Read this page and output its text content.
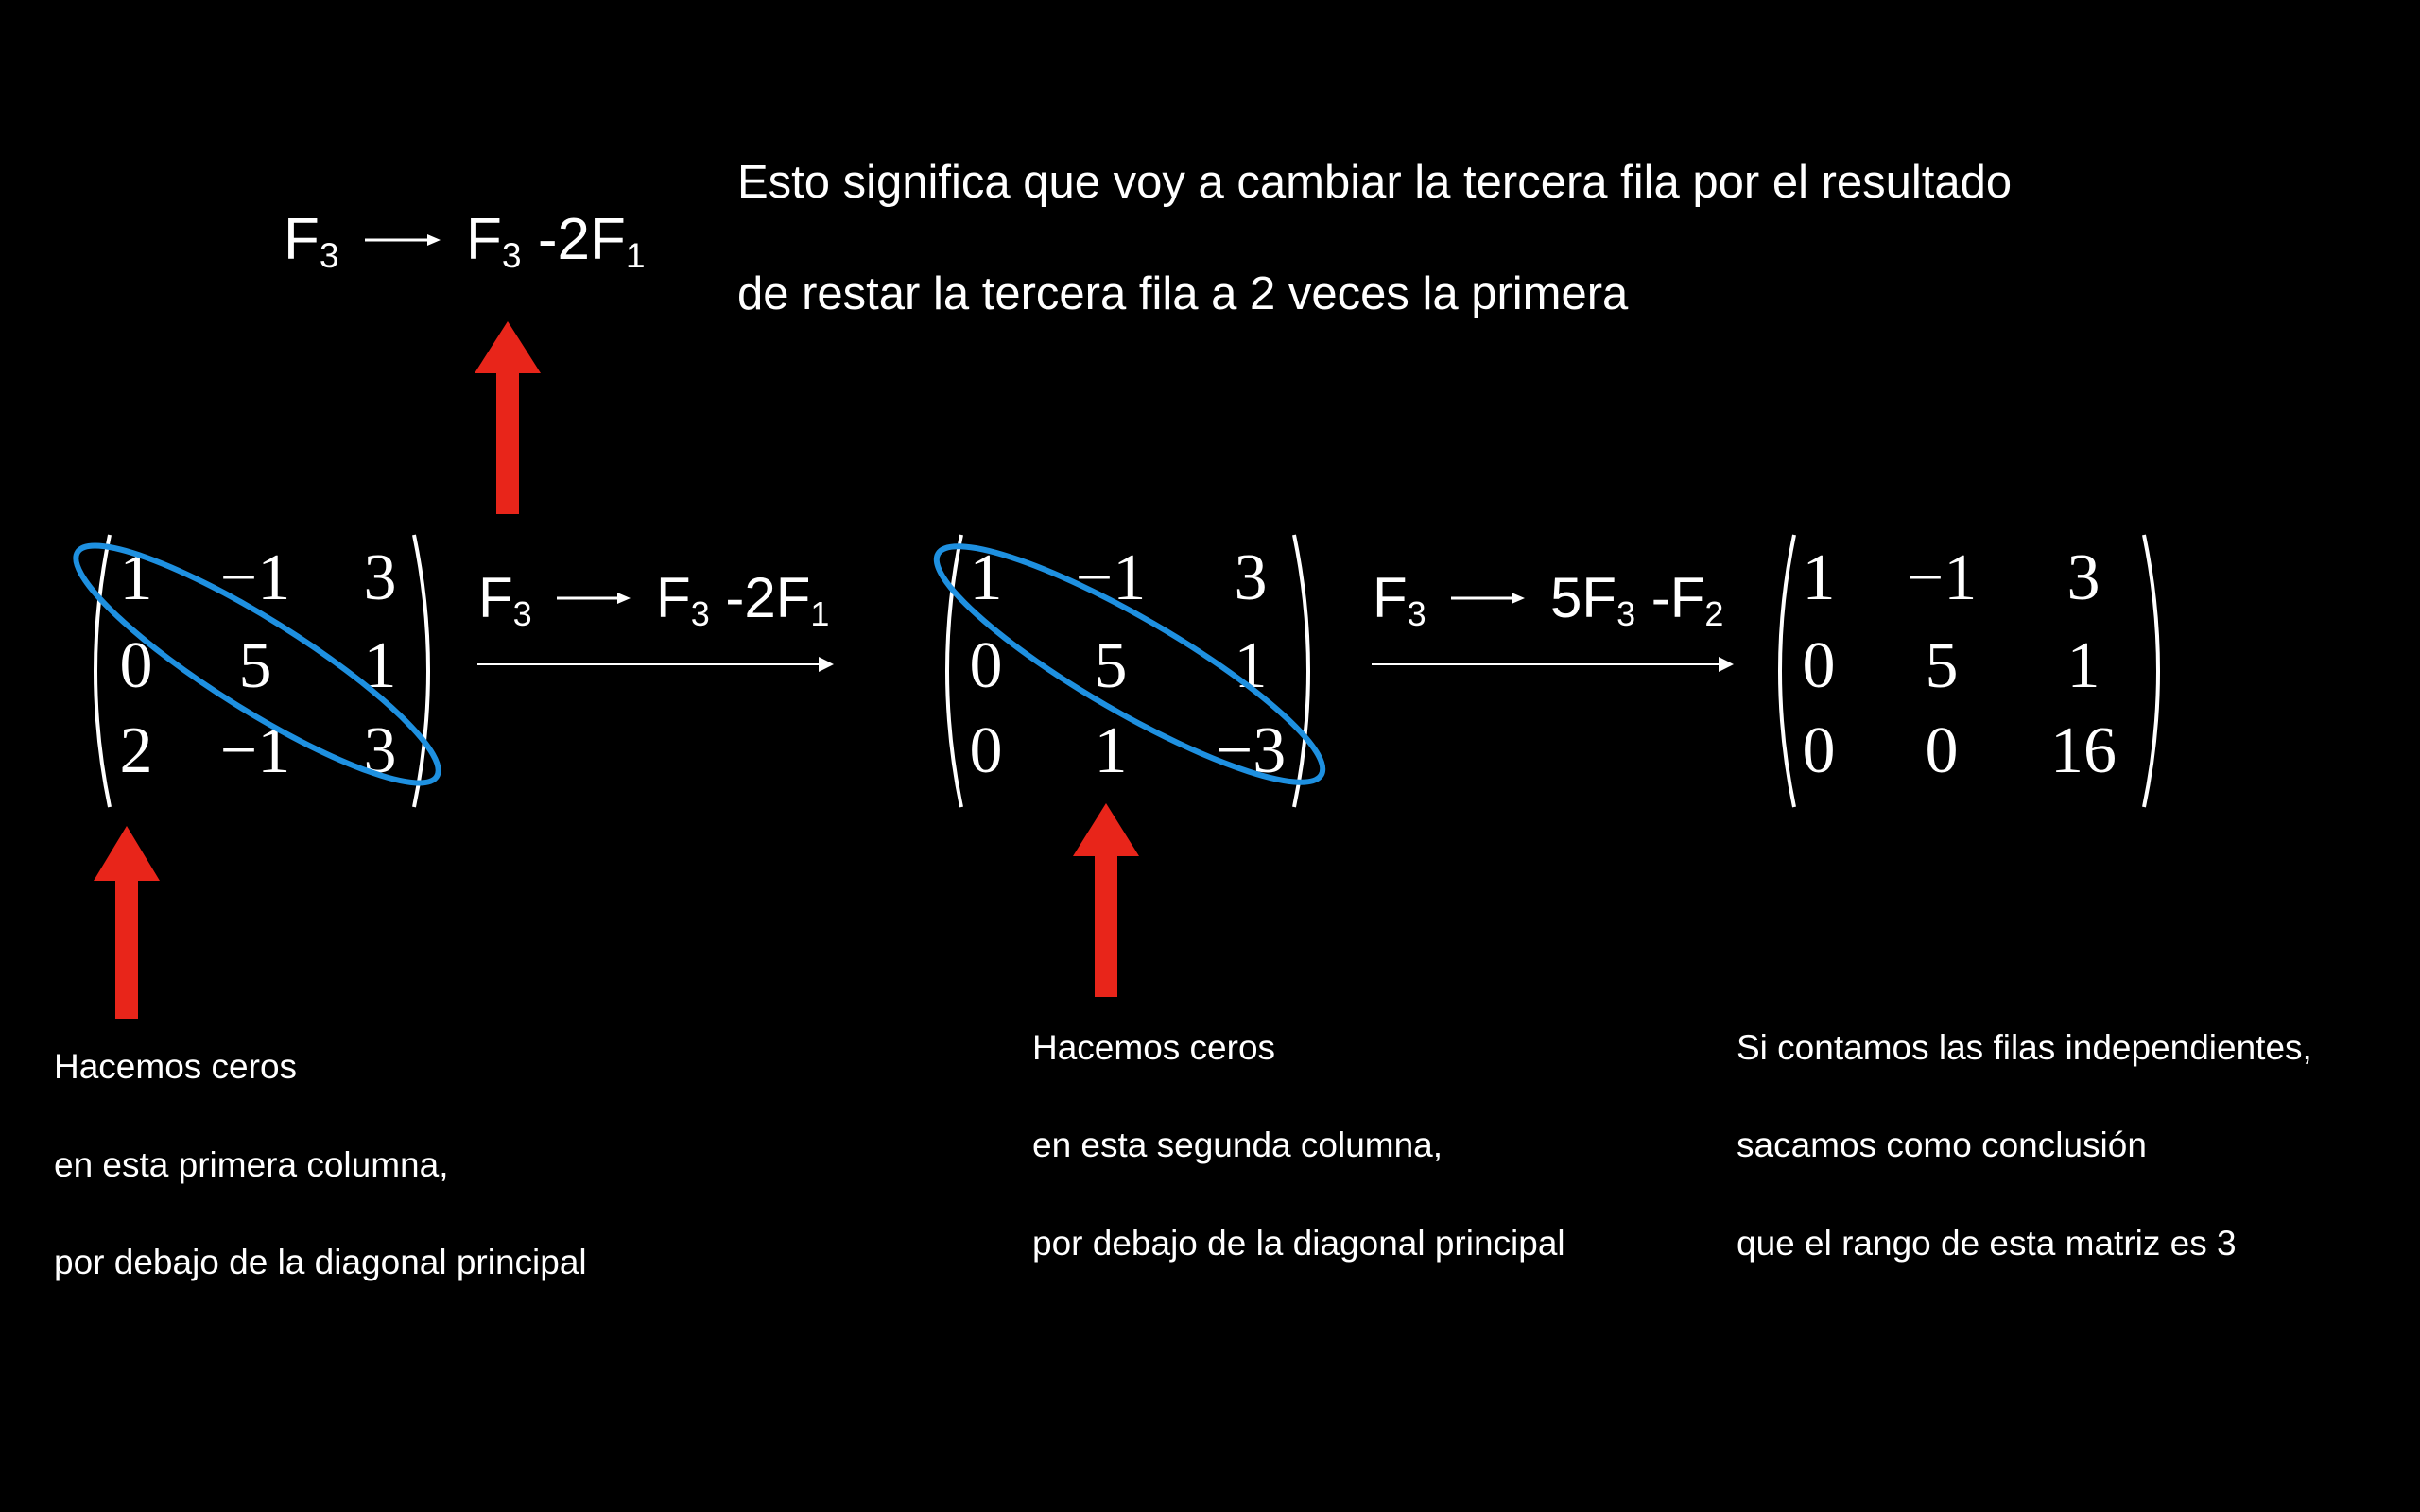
Esto significa que voy a cambiar la tercera fila por el resultado
de restar la tercera fila a 2 veces la primera
F3 F3 -2F1
1	−1	3
0	5	1
2	−1	3
F3 F3 -2F1	1	−1	3
0	5	1
0	1	−3
F3 5F3 -F2	1	−1	3
0	5	1
0	0	16
Hacemos ceros
en esta primera columna,
por debajo de la diagonal principal
Hacemos ceros
en esta segunda columna,
por debajo de la diagonal principal
Si contamos las filas independientes,
sacamos como conclusión
que el rango de esta matriz es 3
